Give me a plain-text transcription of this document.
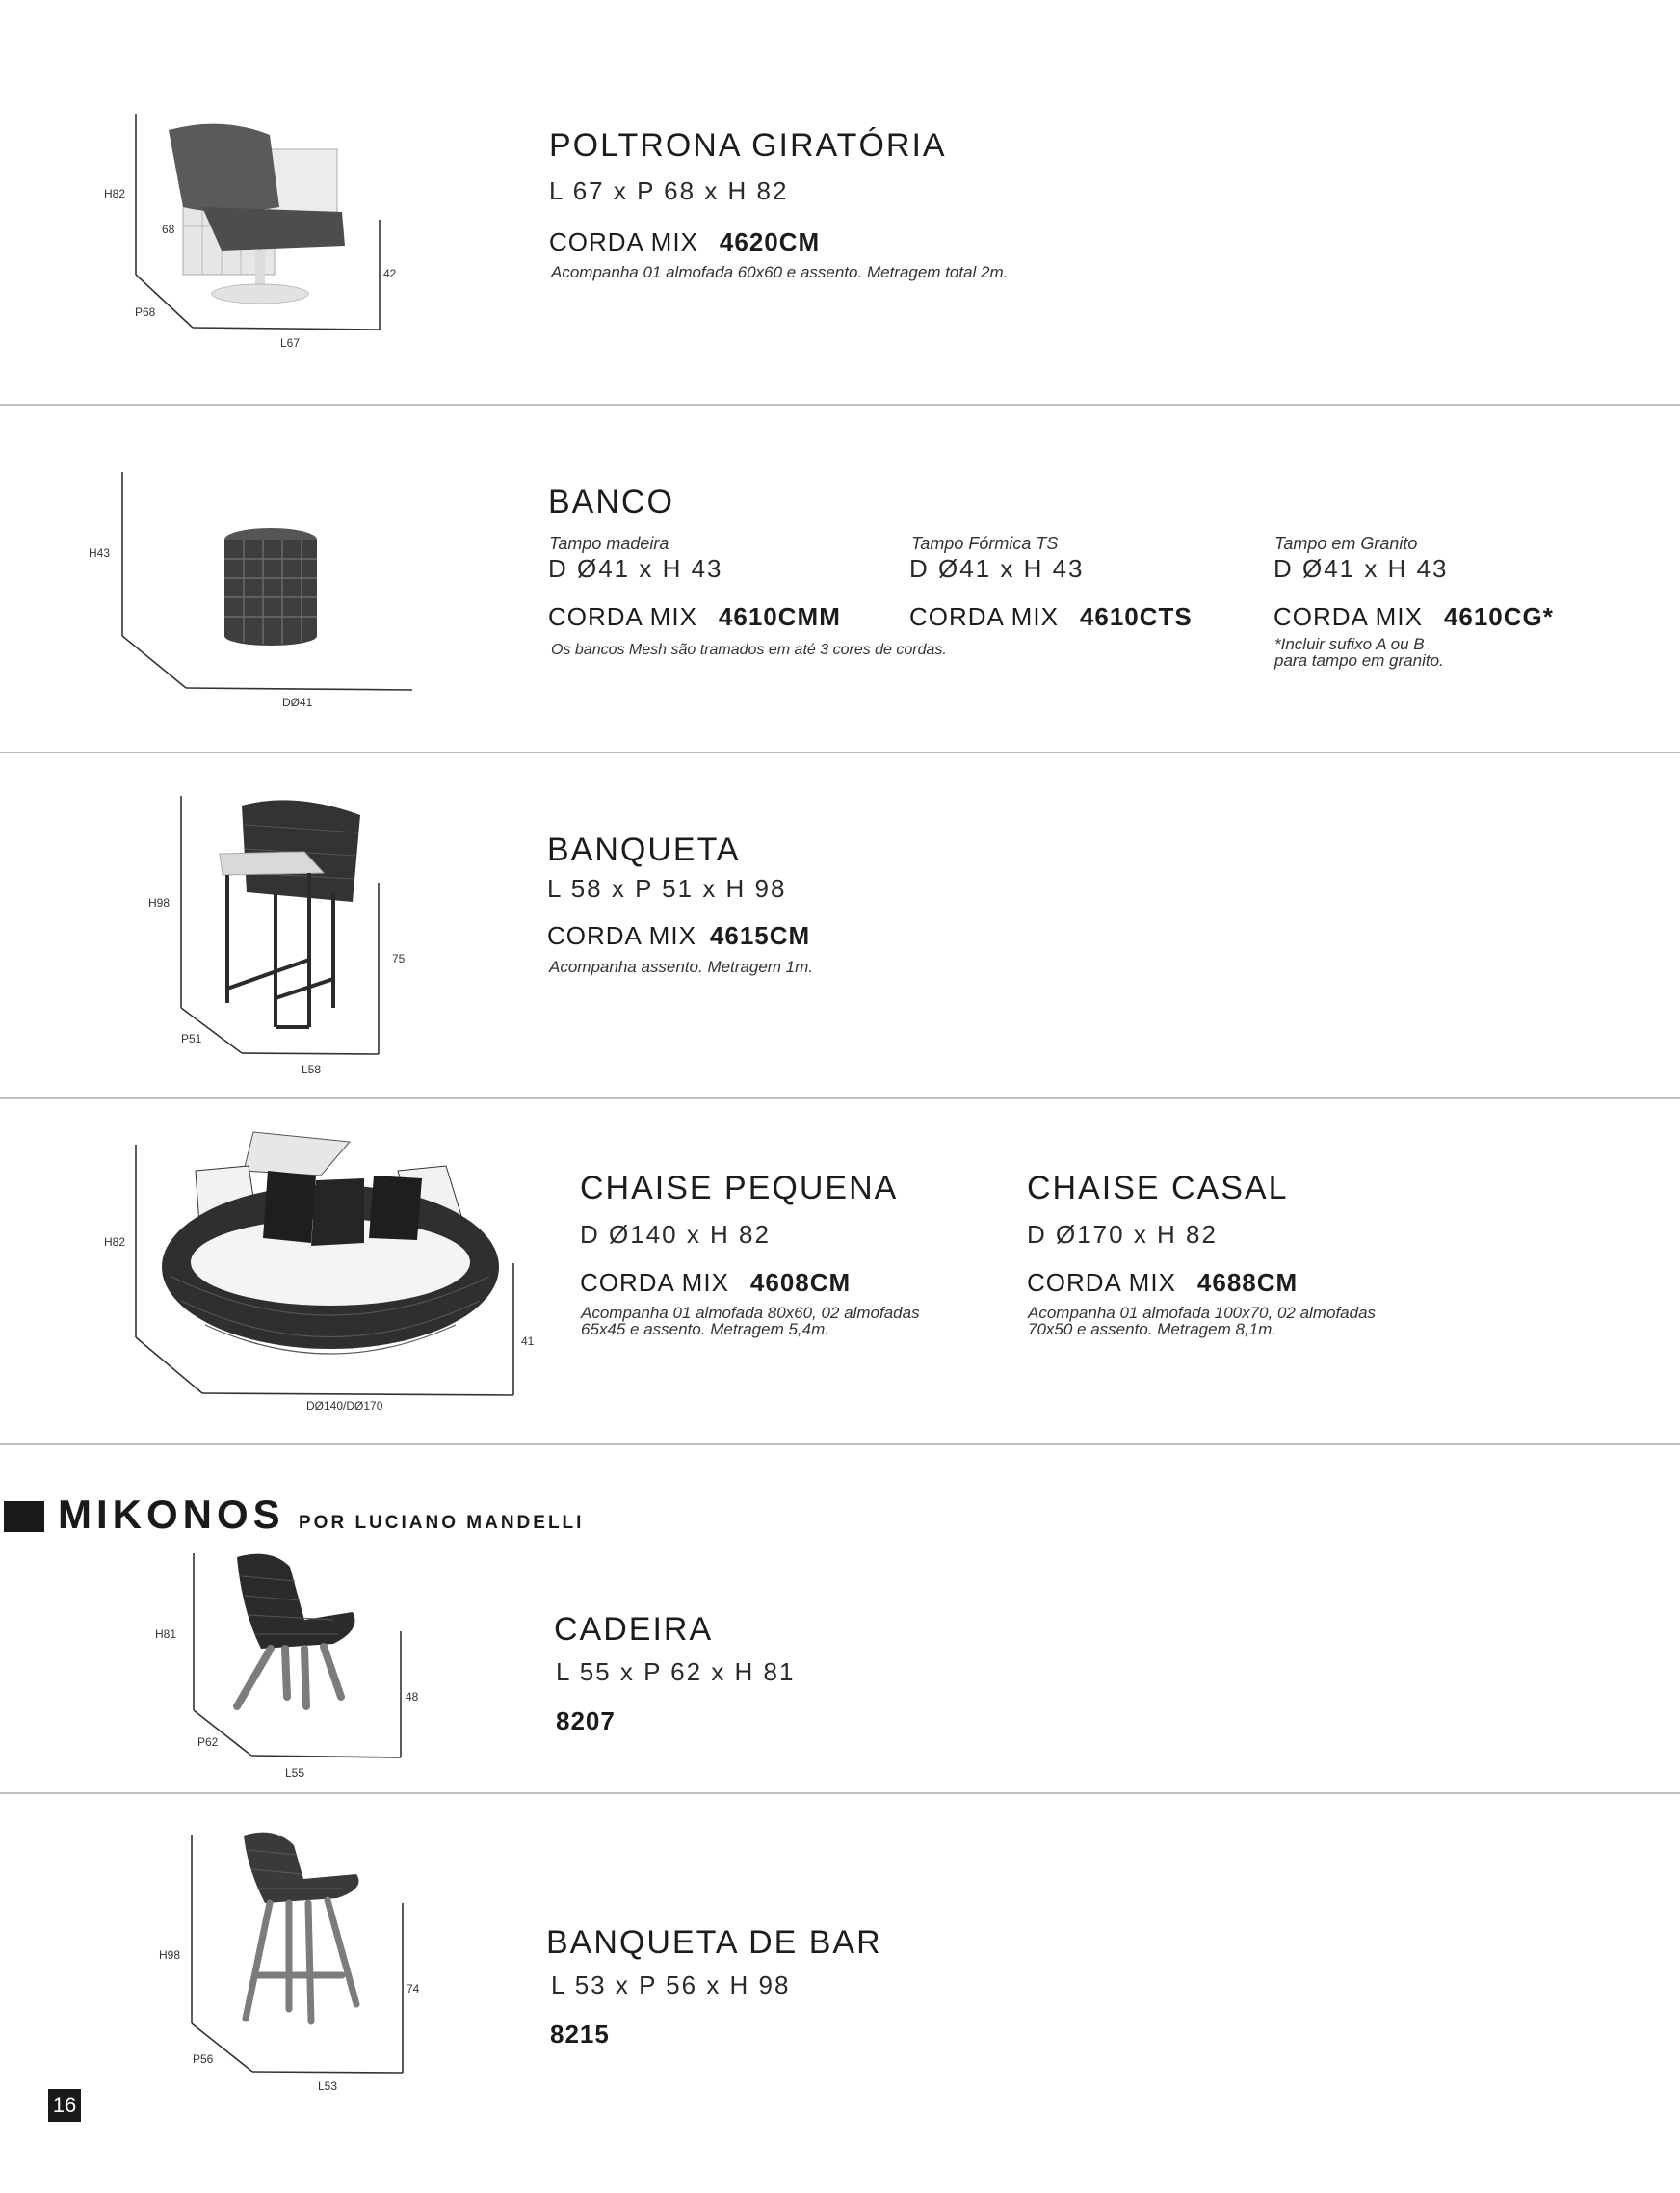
H82
68
42
P68
L67
POLTRONA GIRATÓRIA
L 67 x P 68 x H 82
CORDA MIX 4620CM
Acompanha 01 almofada 60x60 e assento. Metragem total 2m.
H43
DØ41
BANCO
Tampo madeira
D Ø41 x H 43
CORDA MIX 4610CMM
Os bancos Mesh são tramados em até 3 cores de cordas.
Tampo Fórmica TS
D Ø41 x H 43
CORDA MIX 4610CTS
Tampo em Granito
D Ø41 x H 43
CORDA MIX 4610CG*
*Incluir sufixo A ou B
para tampo em granito.
H98
75
P51
L58
BANQUETA
L 58 x P 51 x H 98
CORDA MIX 4615CM
Acompanha assento. Metragem 1m.
H82
41
DØ140/DØ170
CHAISE PEQUENA
D Ø140 x H 82
CORDA MIX 4608CM
Acompanha 01 almofada 80x60, 02 almofadas
65x45 e assento. Metragem 5,4m.
CHAISE CASAL
D Ø170 x H 82
CORDA MIX 4688CM
Acompanha 01 almofada 100x70, 02 almofadas
70x50 e assento. Metragem 8,1m.
MIKONOS POR LUCIANO MANDELLI
H81
48
P62
L55
CADEIRA
L 55 x P 62 x H 81
8207
H98
74
P56
L53
BANQUETA DE BAR
L 53 x P 56 x H 98
8215
16
